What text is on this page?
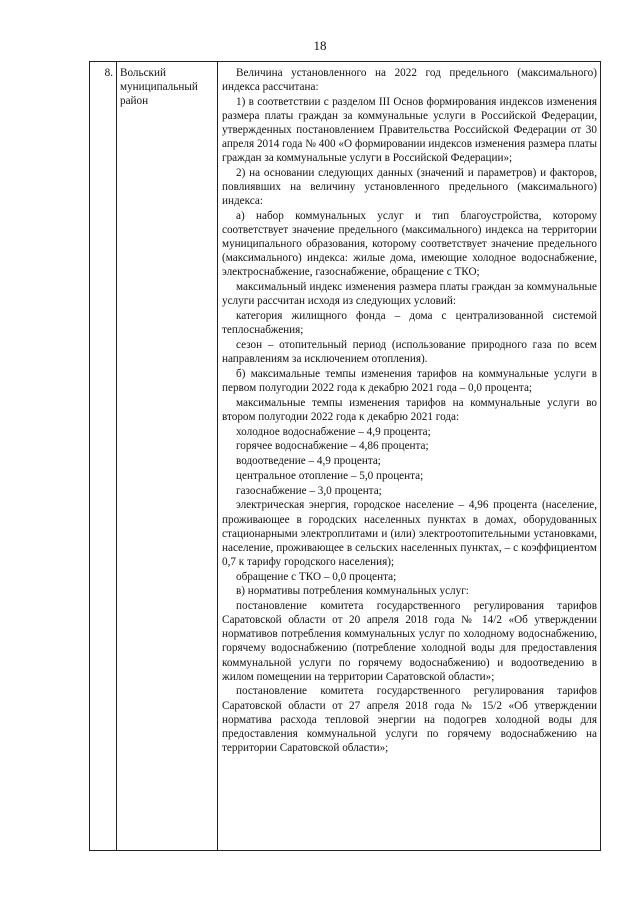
18
8.	Вольский муниципальный район	

Величина установленного на 2022 год предельного (максимального) индекса рассчитана:

1) в соответствии с разделом III Основ формирования индексов изменения размера платы граждан за коммунальные услуги в Российской Федерации, утвержденных постановлением Правительства Российской Федерации от 30 апреля 2014 года № 400 «О формировании индексов изменения размера платы граждан за коммунальные услуги в Российской Федерации»;

2) на основании следующих данных (значений и параметров) и факторов, повлиявших на величину установленного предельного (максимального) индекса:

а) набор коммунальных услуг и тип благоустройства, которому соответствует значение предельного (максимального) индекса на территории муниципального образования, которому соответствует значение предельного (максимального) индекса: жилые дома, имеющие холодное водоснабжение, электроснабжение, газоснабжение, обращение с ТКО;

максимальный индекс изменения размера платы граждан за коммунальные услуги рассчитан исходя из следующих условий:

категория жилищного фонда – дома с централизованной системой теплоснабжения;

сезон – отопительный период (использование природного газа по всем направлениям за исключением отопления).

б) максимальные темпы изменения тарифов на коммунальные услуги в первом полугодии 2022 года к декабрю 2021 года – 0,0 процента;

максимальные темпы изменения тарифов на коммунальные услуги во втором полугодии 2022 года к декабрю 2021 года:

холодное водоснабжение – 4,9 процента;

горячее водоснабжение – 4,86 процента;

водоотведение – 4,9 процента;

центральное отопление – 5,0 процента;

газоснабжение – 3,0 процента;

электрическая энергия, городское население – 4,96 процента (население, проживающее в городских населенных пунктах в домах, оборудованных стационарными электроплитами и (или) электроотопительными установками, население, проживающее в сельских населенных пунктах, – с коэффициентом 0,7 к тарифу городского населения);

обращение с ТКО – 0,0 процента;

в) нормативы потребления коммунальных услуг:

постановление комитета государственного регулирования тарифов Саратовской области от 20 апреля 2018 года № 14/2 «Об утверждении нормативов потребления коммунальных услуг по холодному водоснабжению, горячему водоснабжению (потребление холодной воды для предоставления коммунальной услуги по горячему водоснабжению) и водоотведению в жилом помещении на территории Саратовской области»;

постановление комитета государственного регулирования тарифов Саратовской области от 27 апреля 2018 года № 15/2 «Об утверждении норматива расхода тепловой энергии на подогрев холодной воды для предоставления коммунальной услуги по горячему водоснабжению на территории Саратовской области»;
